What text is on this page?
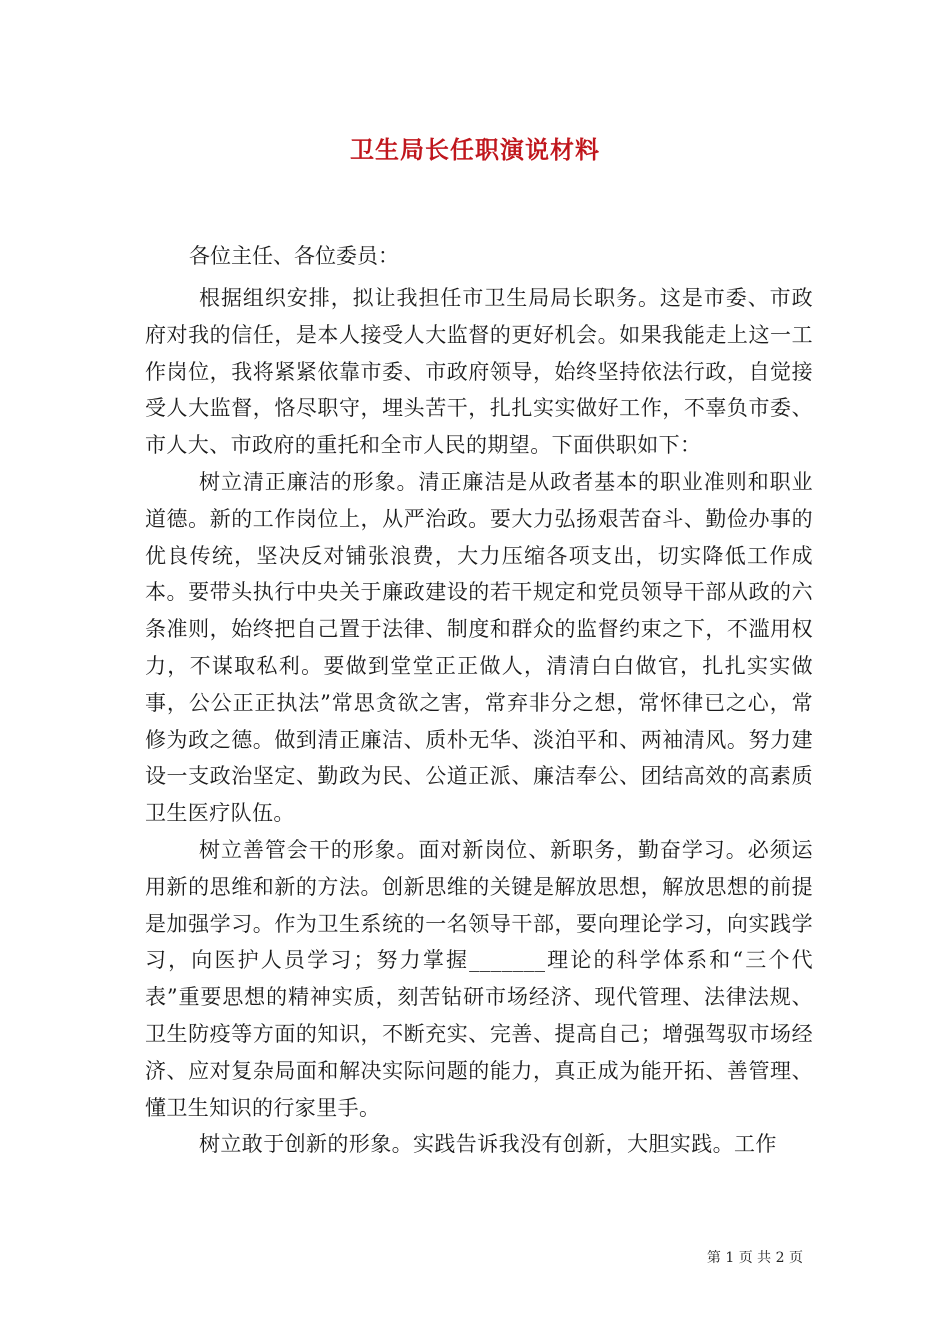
卫生局长任职演说材料

各位主任、各位委员：

根据组织安排，拟让我担任市卫生局局长职务。这是市委、市政府对我的信任，是本人接受人大监督的更好机会。如果我能走上这一工作岗位，我将紧紧依靠市委、市政府领导，始终坚持依法行政，自觉接受人大监督，恪尽职守，埋头苦干，扎扎实实做好工作，不辜负市委、市人大、市政府的重托和全市人民的期望。下面供职如下：

树立清正廉洁的形象。清正廉洁是从政者基本的职业准则和职业道德。新的工作岗位上，从严治政。要大力弘扬艰苦奋斗、勤俭办事的优良传统，坚决反对铺张浪费，大力压缩各项支出，切实降低工作成本。要带头执行中央关于廉政建设的若干规定和党员领导干部从政的六条准则，始终把自己置于法律、制度和群众的监督约束之下，不滥用权力，不谋取私利。要做到堂堂正正做人，清清白白做官，扎扎实实做事，公公正正执法”常思贪欲之害，常弃非分之想，常怀律已之心，常修为政之德。做到清正廉洁、质朴无华、淡泊平和、两袖清风。努力建设一支政治坚定、勤政为民、公道正派、廉洁奉公、团结高效的高素质卫生医疗队伍。

树立善管会干的形象。面对新岗位、新职务，勤奋学习。必须运用新的思维和新的方法。创新思维的关键是解放思想，解放思想的前提是加强学习。作为卫生系统的一名领导干部，要向理论学习，向实践学习，向医护人员学习；努力掌握_______理论的科学体系和“三个代表”重要思想的精神实质，刻苦钻研市场经济、现代管理、法律法规、卫生防疫等方面的知识，不断充实、完善、提高自己；增强驾驭市场经济、应对复杂局面和解决实际问题的能力，真正成为能开拓、善管理、懂卫生知识的行家里手。

树立敢于创新的形象。实践告诉我没有创新，大胆实践。工作

第 1 页 共 2 页
